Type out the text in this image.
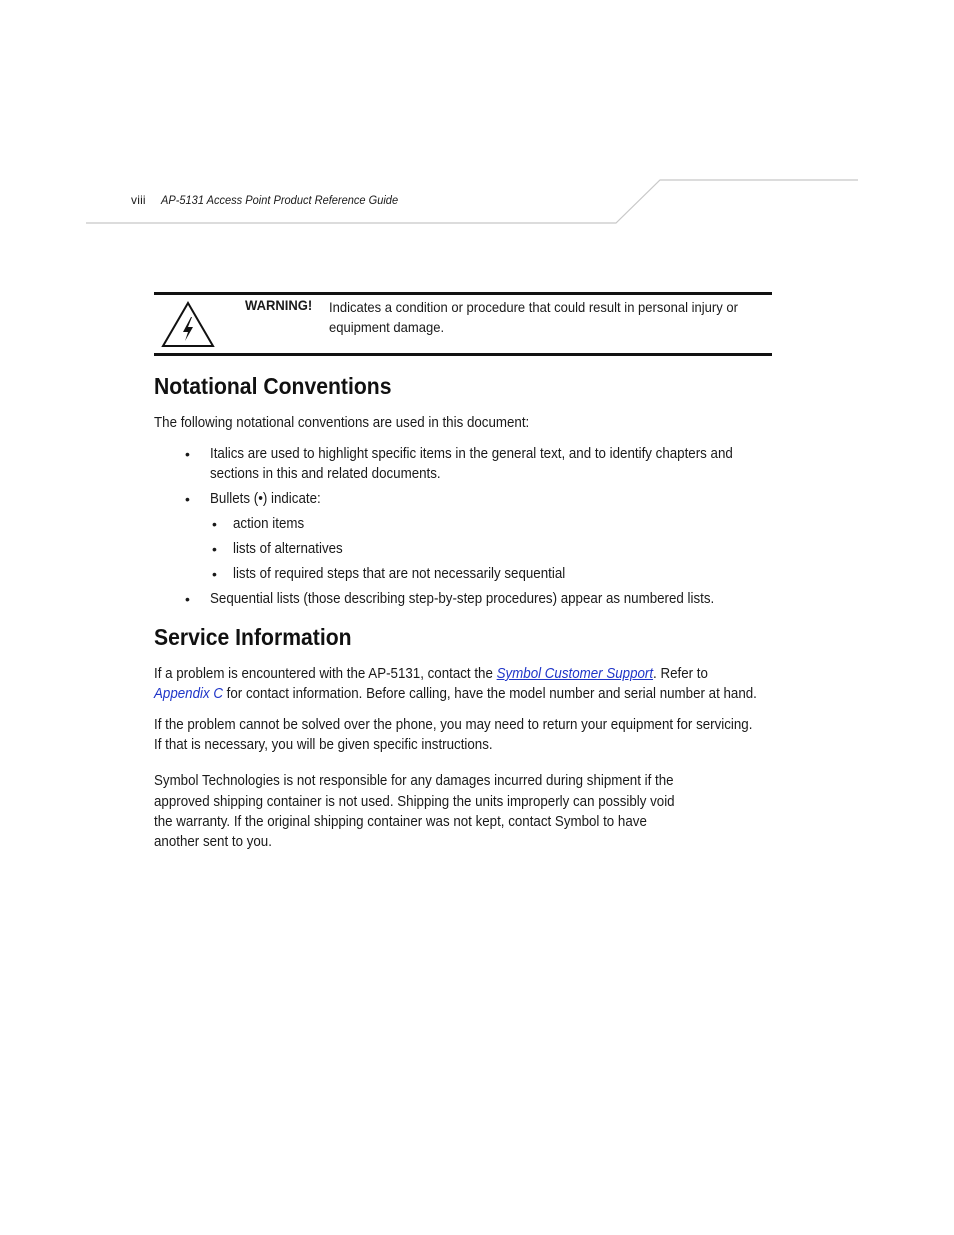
viii AP-5131 Access Point Product Reference Guide
WARNING! Indicates a condition or procedure that could result in personal injury or
equipment damage.
Notational Conventions
The following notational conventions are used in this document:
• Italics are used to highlight specific items in the general text, and to identify chapters and
sections in this and related documents.
• Bullets (•) indicate:
• action items
• lists of alternatives
• lists of required steps that are not necessarily sequential
• Sequential lists (those describing step-by-step procedures) appear as numbered lists.
Service Information
If a problem is encountered with the AP-5131, contact the Symbol Customer Support. Refer to
Appendix C for contact information. Before calling, have the model number and serial number at hand.
If the problem cannot be solved over the phone, you may need to return your equipment for servicing.
If that is necessary, you will be given specific instructions.
Symbol Technologies is not responsible for any damages incurred during shipment if the
approved shipping container is not used. Shipping the units improperly can possibly void
the warranty. If the original shipping container was not kept, contact Symbol to have
another sent to you.
